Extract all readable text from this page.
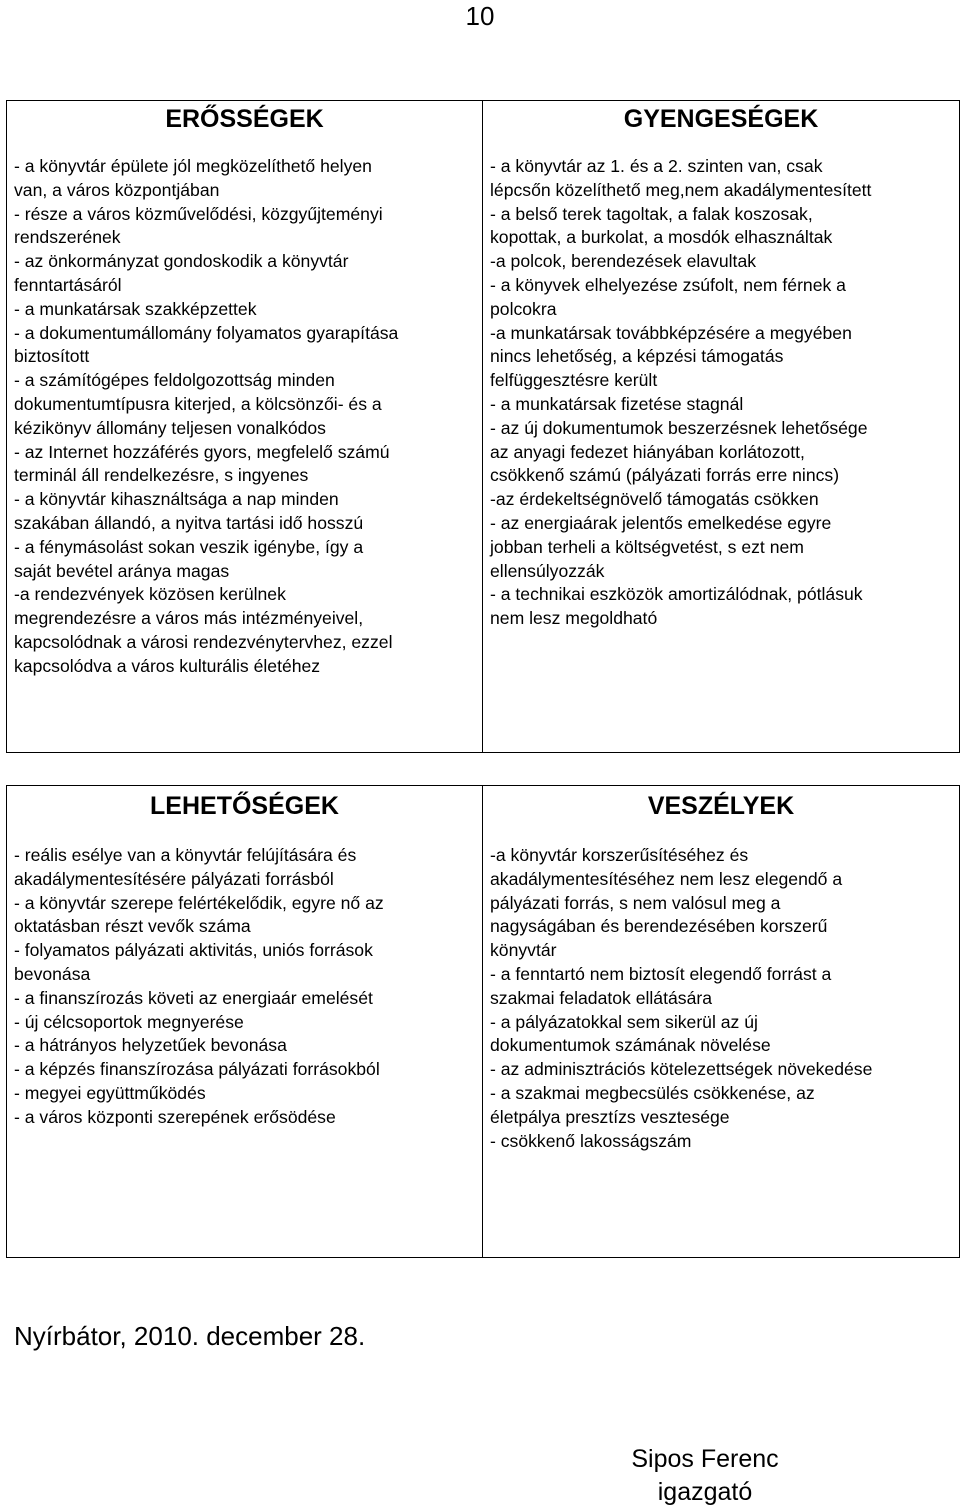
10
ERŐSSÉGEK
- a könyvtár épülete jól megközelíthető helyen
van, a város központjában
- része a város közművelődési, közgyűjteményi
rendszerének
- az önkormányzat gondoskodik a könyvtár
fenntartásáról
- a munkatársak szakképzettek
- a dokumentumállomány folyamatos gyarapítása
biztosított
- a számítógépes feldolgozottság minden
dokumentumtípusra kiterjed, a kölcsönzői- és a
kézikönyv állomány teljesen vonalkódos
- az Internet hozzáférés gyors, megfelelő számú
terminál áll rendelkezésre, s ingyenes
- a könyvtár kihasználtsága a nap minden
szakában állandó, a nyitva tartási idő hosszú
- a fénymásolást sokan veszik igénybe, így a
saját bevétel aránya magas
-a rendezvények közösen kerülnek
megrendezésre a város más intézményeivel,
kapcsolódnak a városi rendezvénytervhez, ezzel
kapcsolódva a város kulturális életéhez

GYENGESÉGEK
- a könyvtár az 1. és a 2. szinten van, csak
lépcsőn közelíthető meg,nem akadálymentesített
- a belső terek tagoltak, a falak koszosak,
kopottak, a burkolat, a mosdók elhasználtak
-a polcok, berendezések elavultak
- a könyvek elhelyezése zsúfolt, nem férnek a
polcokra
-a munkatársak továbbképzésére a megyében
nincs lehetőség, a képzési támogatás
felfüggesztésre került
- a munkatársak fizetése stagnál
- az új dokumentumok beszerzésnek lehetősége
az anyagi fedezet hiányában korlátozott,
csökkenő számú (pályázati forrás erre nincs)
-az érdekeltségnövelő támogatás csökken
- az energiaárak jelentős emelkedése egyre
jobban terheli a költségvetést, s ezt nem
ellensúlyozzák
- a technikai eszközök amortizálódnak, pótlásuk
nem lesz megoldható
LEHETŐSÉGEK
- reális esélye van a könyvtár felújítására és
akadálymentesítésére pályázati forrásból
- a könyvtár szerepe felértékelődik, egyre nő az
oktatásban részt vevők száma
- folyamatos pályázati aktivitás, uniós források
bevonása
- a finanszírozás követi az energiaár emelését
- új célcsoportok megnyerése
- a hátrányos helyzetűek bevonása
- a képzés finanszírozása pályázati forrásokból
- megyei együttműködés
- a város központi szerepének erősödése

VESZÉLYEK
-a könyvtár korszerűsítéséhez és
akadálymentesítéséhez nem lesz elegendő a
pályázati forrás, s nem valósul meg a
nagyságában és berendezésében korszerű
könyvtár
- a fenntartó nem biztosít elegendő forrást a
szakmai feladatok ellátására
- a pályázatokkal sem sikerül az új
dokumentumok számának növelése
- az adminisztrációs kötelezettségek növekedése
- a szakmai megbecsülés csökkenése, az
életpálya presztízs vesztesége
- csökkenő lakosságszám
Nyírbátor, 2010. december 28.
Sipos Ferenc
igazgató
